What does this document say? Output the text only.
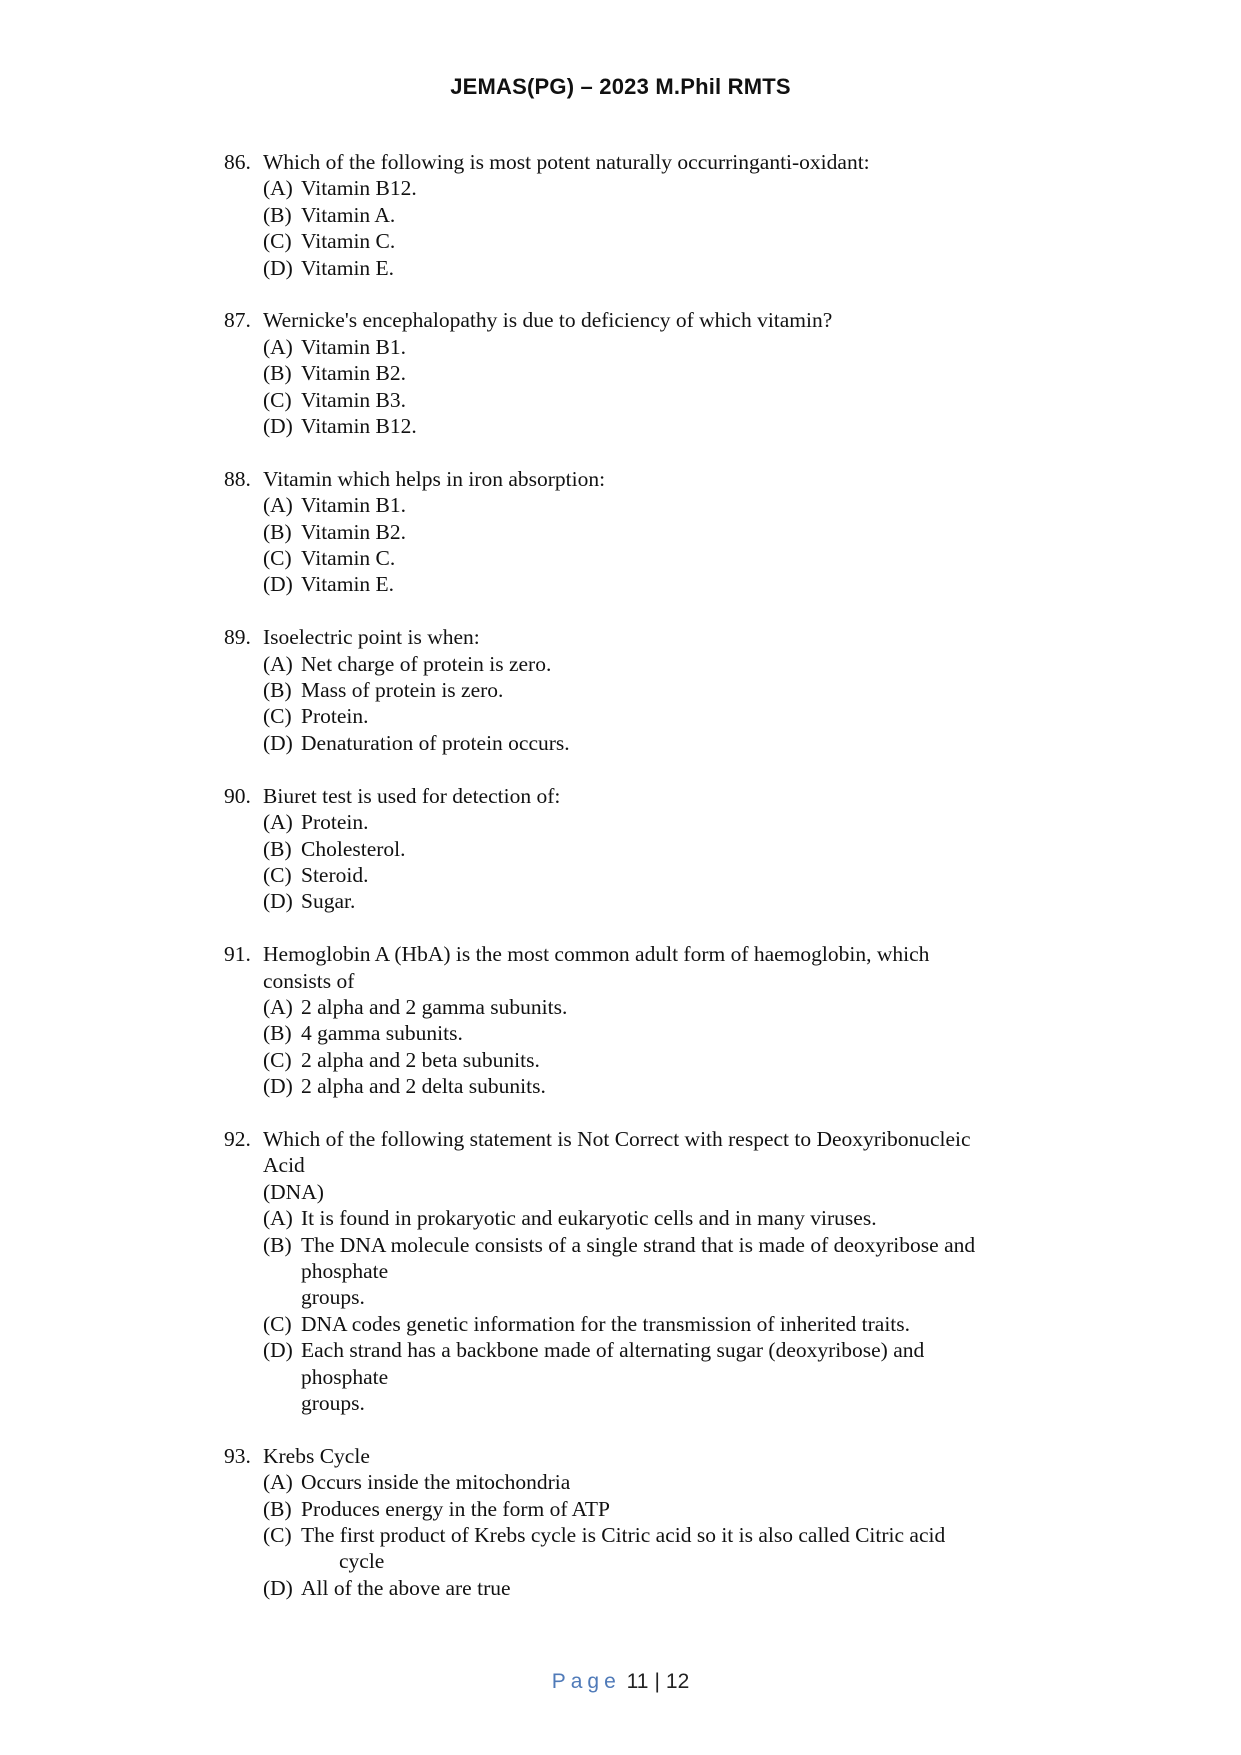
JEMAS(PG) – 2023 M.Phil RMTS
86. Which of the following is most potent naturally occurringanti-oxidant:
(A) Vitamin B12.
(B) Vitamin A.
(C) Vitamin C.
(D) Vitamin E.
87. Wernicke's encephalopathy is due to deficiency of which vitamin?
(A) Vitamin B1.
(B) Vitamin B2.
(C) Vitamin B3.
(D) Vitamin B12.
88. Vitamin which helps in iron absorption:
(A) Vitamin B1.
(B) Vitamin B2.
(C) Vitamin C.
(D) Vitamin E.
89. Isoelectric point is when:
(A) Net charge of protein is zero.
(B) Mass of protein is zero.
(C) Protein.
(D) Denaturation of protein occurs.
90. Biuret test is used for detection of:
(A) Protein.
(B) Cholesterol.
(C) Steroid.
(D) Sugar.
91. Hemoglobin A (HbA) is the most common adult form of haemoglobin, which
consists of
(A) 2 alpha and 2 gamma subunits.
(B) 4 gamma subunits.
(C) 2 alpha and 2 beta subunits.
(D) 2 alpha and 2 delta subunits.
92. Which of the following statement is Not Correct with respect to Deoxyribonucleic
Acid
(DNA)
(A) It is found in prokaryotic and eukaryotic cells and in many viruses.
(B) The DNA molecule consists of a single strand that is made of deoxyribose and
phosphate
groups.
(C) DNA codes genetic information for the transmission of inherited traits.
(D) Each strand has a backbone made of alternating sugar (deoxyribose) and
phosphate
groups.
93. Krebs Cycle
(A) Occurs inside the mitochondria
(B) Produces energy in the form of ATP
(C) The first product of Krebs cycle is Citric acid so it is also called Citric acid
cycle
(D) All of the above are true
Page 11 | 12
